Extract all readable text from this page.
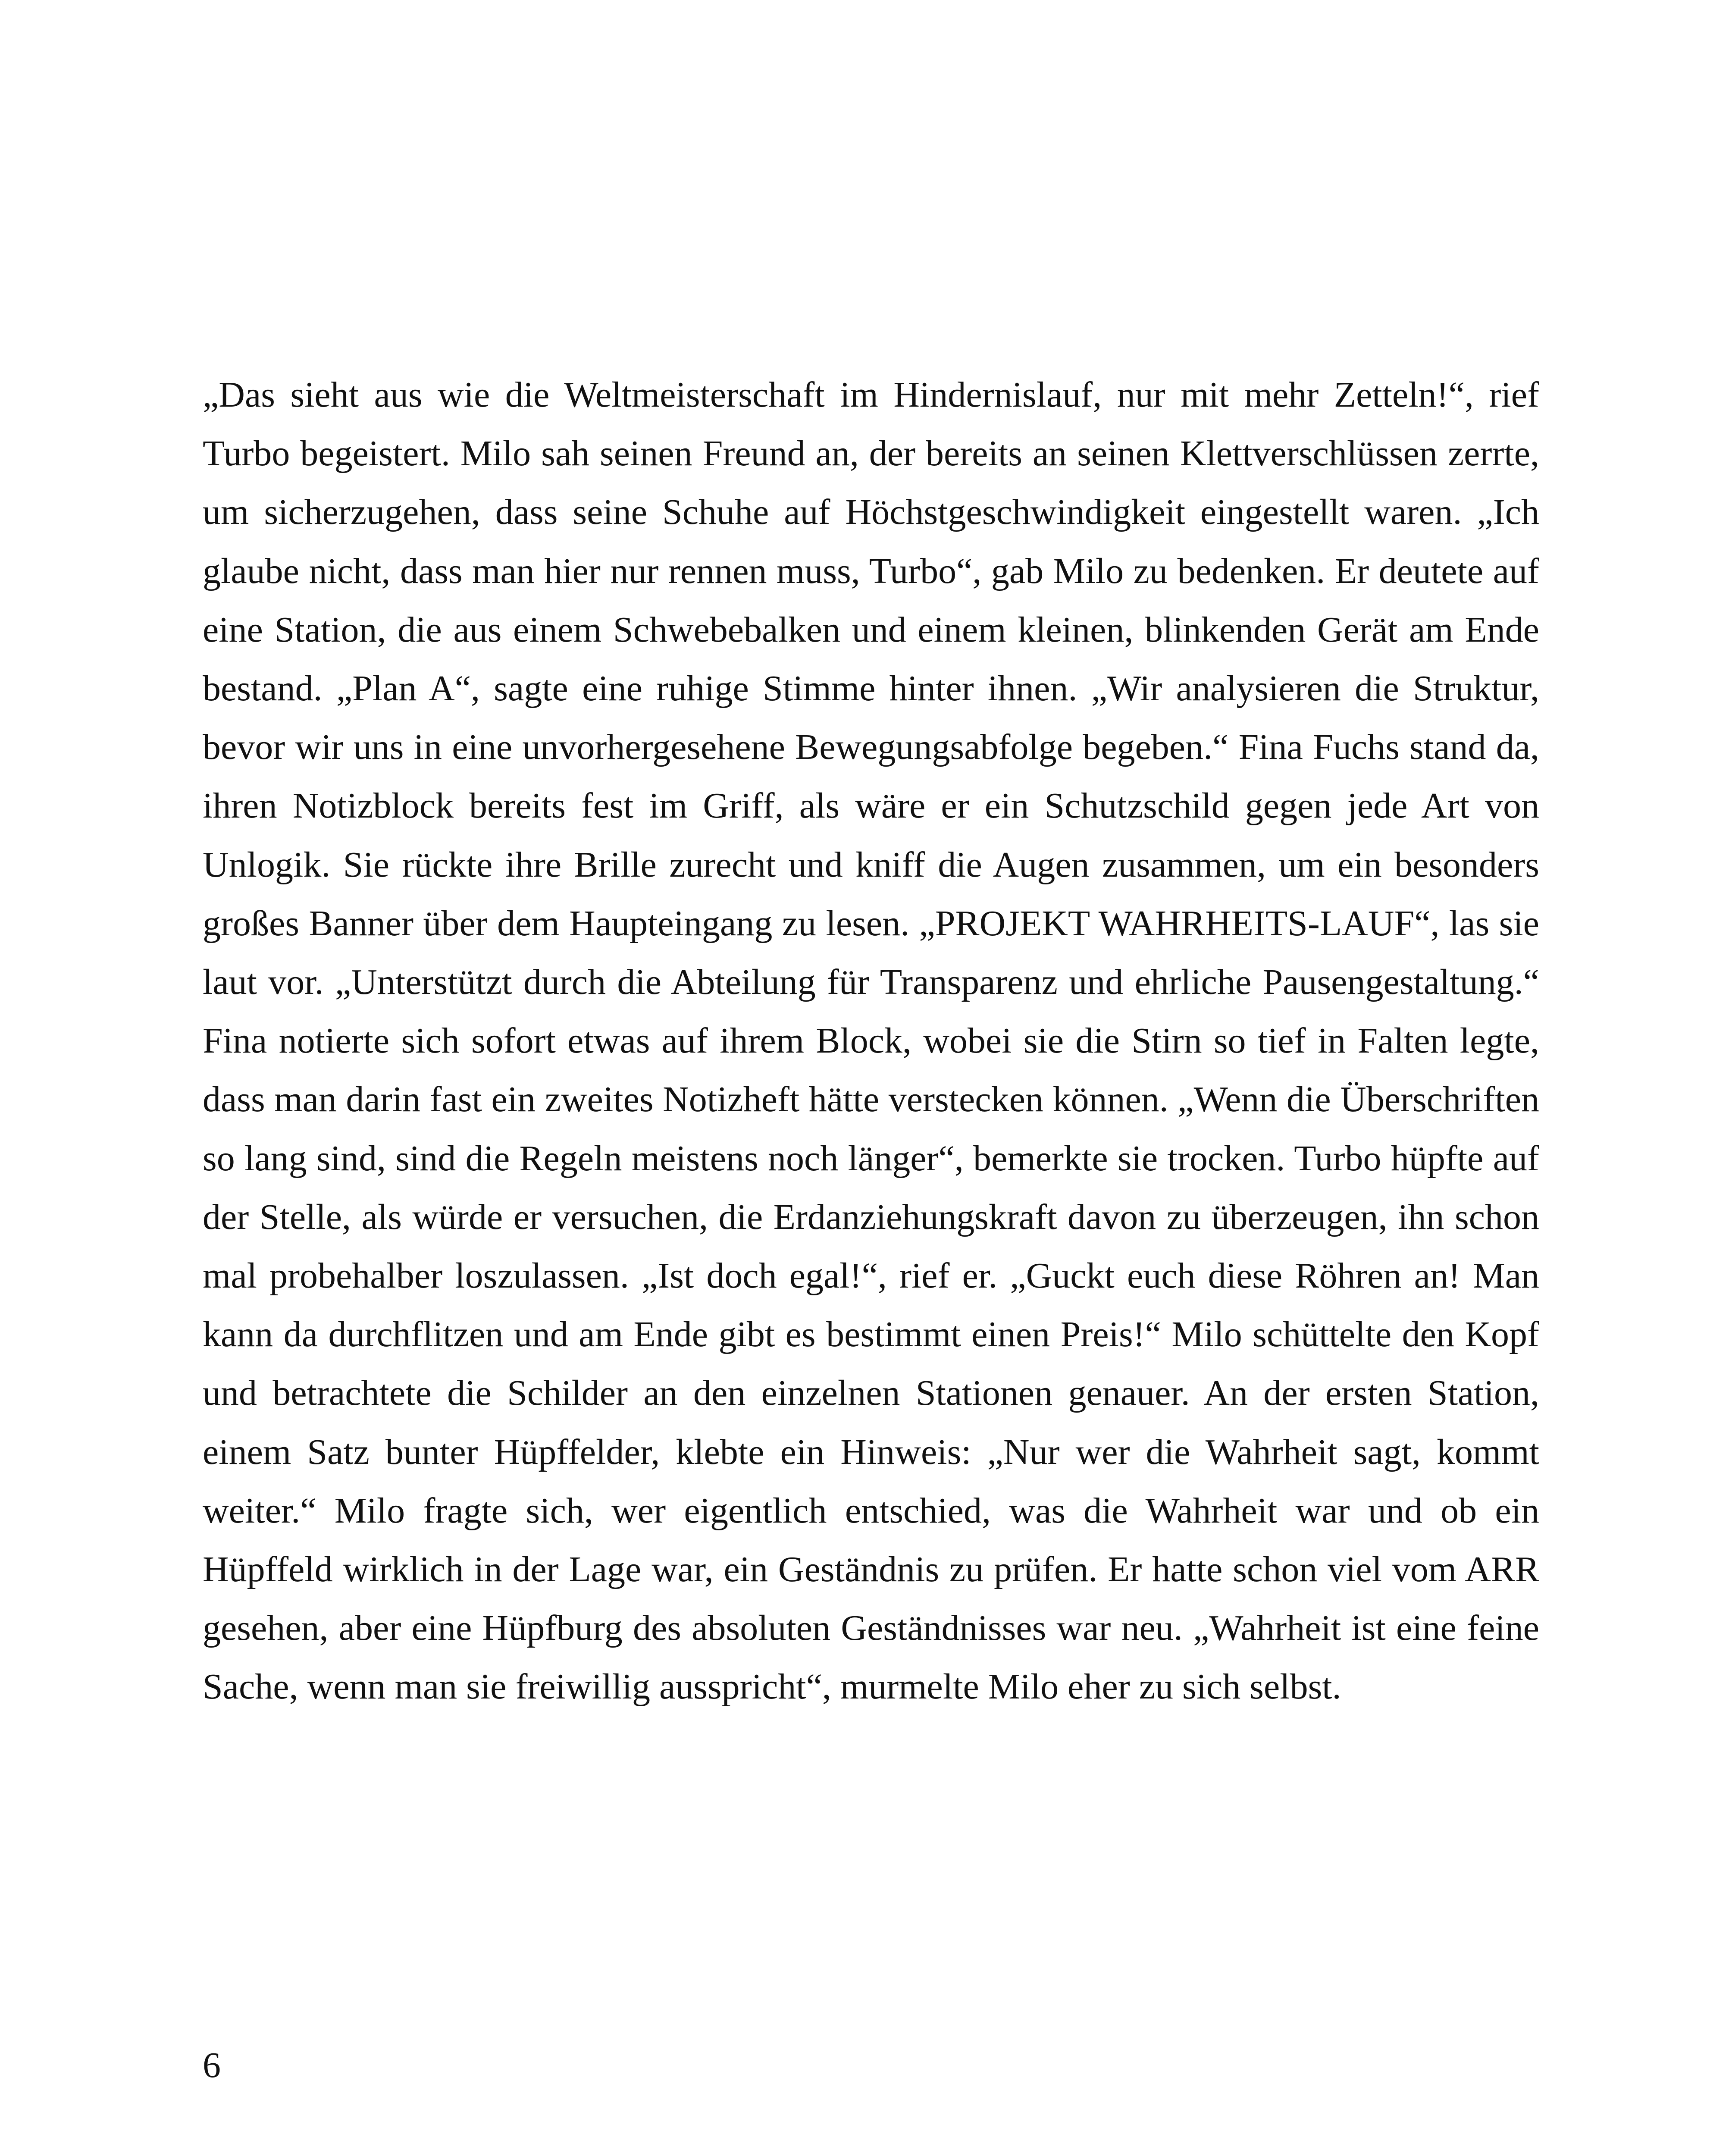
„Das sieht aus wie die Weltmeisterschaft im Hindernislauf, nur mit mehr Zetteln!“, rief Turbo begeistert. Milo sah seinen Freund an, der bereits an seinen Klettverschlüssen zerrte, um sicherzugehen, dass seine Schuhe auf Höchstgeschwindigkeit eingestellt waren. „Ich glaube nicht, dass man hier nur rennen muss, Turbo“, gab Milo zu bedenken. Er deutete auf eine Station, die aus einem Schwebebalken und einem kleinen, blinkenden Gerät am Ende bestand. „Plan A“, sagte eine ruhige Stimme hinter ihnen. „Wir analysieren die Struktur, bevor wir uns in eine unvorhergesehene Bewegungsabfolge begeben.“ Fina Fuchs stand da, ihren Notizblock bereits fest im Griff, als wäre er ein Schutzschild gegen jede Art von Unlogik. Sie rückte ihre Brille zurecht und kniff die Augen zusammen, um ein besonders großes Banner über dem Haupteingang zu lesen. „PROJEKT WAHRHEITS-LAUF“, las sie laut vor. „Unterstützt durch die Abteilung für Transparenz und ehrliche Pausengestaltung.“ Fina notierte sich sofort etwas auf ihrem Block, wobei sie die Stirn so tief in Falten legte, dass man darin fast ein zweites Notizheft hätte verstecken können. „Wenn die Überschriften so lang sind, sind die Regeln meistens noch länger“, bemerkte sie trocken. Turbo hüpfte auf der Stelle, als würde er versuchen, die Erdanziehungskraft davon zu überzeugen, ihn schon mal probehalber loszulassen. „Ist doch egal!“, rief er. „Guckt euch diese Röhren an! Man kann da durchflitzen und am Ende gibt es bestimmt einen Preis!“ Milo schüttelte den Kopf und betrachtete die Schilder an den einzelnen Stationen genauer. An der ersten Station, einem Satz bunter Hüpffelder, klebte ein Hinweis: „Nur wer die Wahrheit sagt, kommt weiter.“ Milo fragte sich, wer eigentlich entschied, was die Wahrheit war und ob ein Hüpffeld wirklich in der Lage war, ein Geständnis zu prüfen. Er hatte schon viel vom ARR gesehen, aber eine Hüpfburg des absoluten Geständnisses war neu. „Wahrheit ist eine feine Sache, wenn man sie freiwillig ausspricht“, murmelte Milo eher zu sich selbst.

6
